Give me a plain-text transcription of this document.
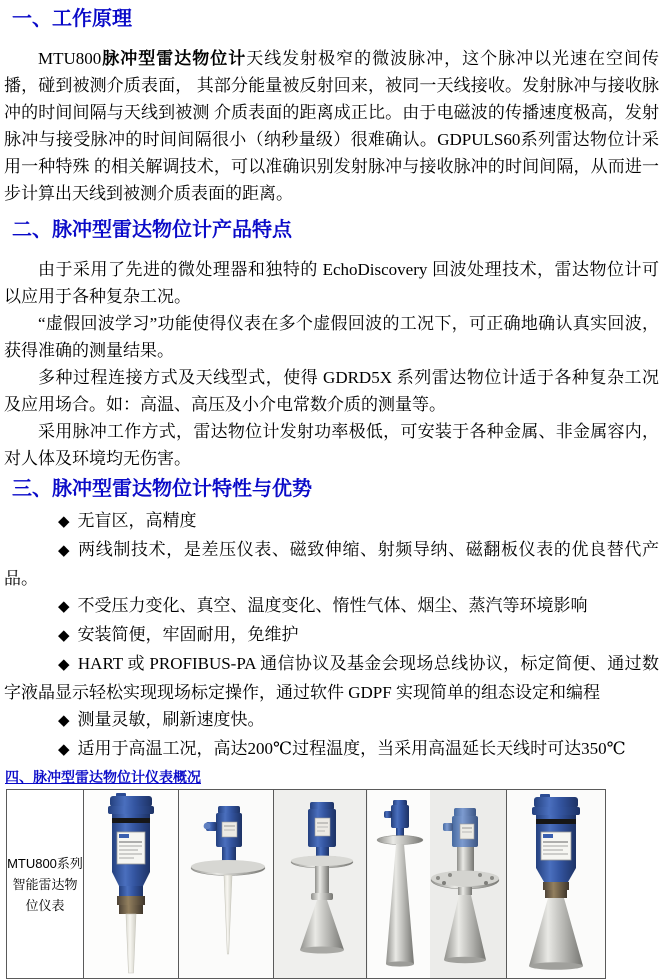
一、工作原理

MTU800脉冲型雷达物位计天线发射极窄的微波脉冲，这个脉冲以光速在空间传播，碰到被测介质表面， 其部分能量被反射回来，被同一天线接收。发射脉冲与接收脉冲的时间间隔与天线到被测 介质表面的距离成正比。由于电磁波的传播速度极高，发射脉冲与接受脉冲的时间间隔很小（纳秒量级）很难确认。GDPULS60系列雷达物位计采用一种特殊 的相关解调技术，可以准确识别发射脉冲与接收脉冲的时间间隔，从而进一步计算出天线到被测介质表面的距离。

二、脉冲型雷达物位计产品特点

由于采用了先进的微处理器和独特的 EchoDiscovery 回波处理技术，雷达物位计可以应用于各种复杂工况。

“虚假回波学习”功能使得仪表在多个虚假回波的工况下，可正确地确认真实回波，获得准确的测量结果。

多种过程连接方式及天线型式，使得 GDRD5X 系列雷达物位计适于各种复杂工况及应用场合。如：高温、高压及小介电常数介质的测量等。

采用脉冲工作方式，雷达物位计发射功率极低，可安装于各种金属、非金属容内，对人体及环境均无伤害。

三、脉冲型雷达物位计特性与优势

◆ 无盲区，高精度

◆ 两线制技术，是差压仪表、磁致伸缩、射频导纳、磁翻板仪表的优良替代产品。

◆ 不受压力变化、真空、温度变化、惰性气体、烟尘、蒸汽等环境影响

◆ 安装简便，牢固耐用，免维护

◆ HART 或 PROFIBUS-PA 通信协议及基金会现场总线协议，标定简便、通过数字液晶显示轻松实现现场标定操作，通过软件 GDPF 实现简单的组态设定和编程

◆ 测量灵敏，刷新速度快。

◆ 适用于高温工况，高达200℃过程温度，当采用高温延长天线时可达350℃

四、脉冲型雷达物位计仪表概况
MTU800系列智能雷达物位仪表	
